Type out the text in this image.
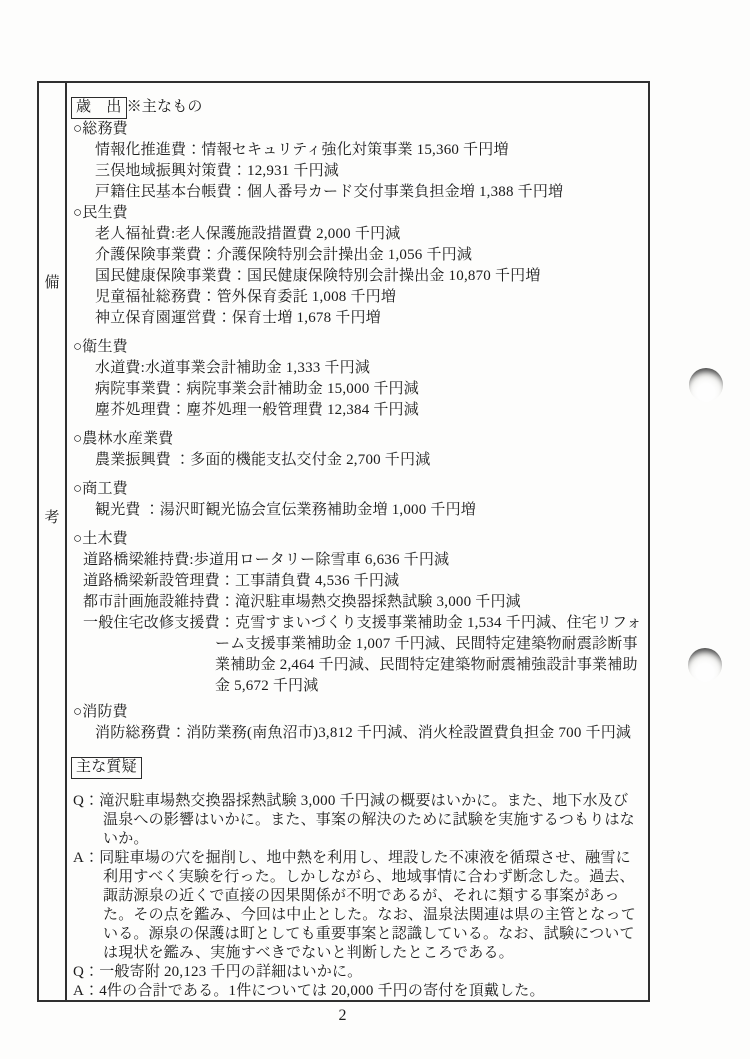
備
考
歳　出 ※主なもの
○総務費
情報化推進費：情報セキュリティ強化対策事業 15,360 千円増
三俣地域振興対策費：12,931 千円減
戸籍住民基本台帳費：個人番号カード交付事業負担金増 1,388 千円増
○民生費
老人福祉費:老人保護施設措置費 2,000 千円減
介護保険事業費：介護保険特別会計操出金 1,056 千円減
国民健康保険事業費：国民健康保険特別会計操出金 10,870 千円増
児童福祉総務費：管外保育委託 1,008 千円増
神立保育園運営費：保育士増 1,678 千円増
○衛生費
水道費:水道事業会計補助金 1,333 千円減
病院事業費：病院事業会計補助金 15,000 千円減
塵芥処理費：塵芥処理一般管理費 12,384 千円減
○農林水産業費
農業振興費 ：多面的機能支払交付金 2,700 千円減
○商工費
観光費 ：湯沢町観光協会宣伝業務補助金増 1,000 千円増
○土木費
道路橋梁維持費:歩道用ロータリー除雪車 6,636 千円減
道路橋梁新設管理費：工事請負費 4,536 千円減
都市計画施設維持費：滝沢駐車場熱交換器採熱試験 3,000 千円減
一般住宅改修支援費：克雪すまいづくり支援事業補助金 1,534 千円減、住宅リフォーム支援事業補助金 1,007 千円減、民間特定建築物耐震診断事業補助金 2,464 千円減、民間特定建築物耐震補強設計事業補助金 5,672 千円減
○消防費
消防総務費：消防業務(南魚沼市)3,812 千円減、消火栓設置費負担金 700 千円減
主な質疑
Q：滝沢駐車場熱交換器採熱試験 3,000 千円減の概要はいかに。また、地下水及び温泉への影響はいかに。また、事案の解決のために試験を実施するつもりはないか。
A：同駐車場の穴を掘削し、地中熱を利用し、埋設した不凍液を循環させ、融雪に利用すべく実験を行った。しかしながら、地域事情に合わず断念した。過去、諏訪源泉の近くで直接の因果関係が不明であるが、それに類する事案があった。その点を鑑み、今回は中止とした。なお、温泉法関連は県の主管となっている。源泉の保護は町としても重要事案と認識している。なお、試験については現状を鑑み、実施すべきでないと判断したところである。
Q：一般寄附 20,123 千円の詳細はいかに。
A：4件の合計である。1件については 20,000 千円の寄付を頂戴した。
2
